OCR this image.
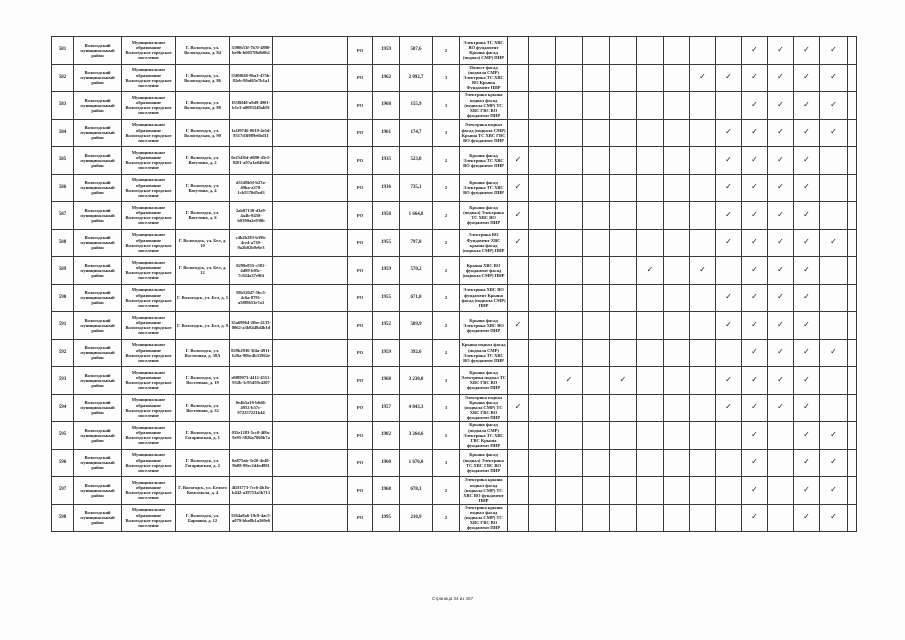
581	Вологодский муниципальный район	Муниципальное образование Вологодское городское поселение	Г. Вологодск, ул. Вологодская, д. 84	3390b53f-7b7f-4890-be9b-b6057f6db0b1		РО	1959	587,6	2	Электрика ТС ХВС ВО фундамент Крыша фасад (подвал) СМР) ПИР										✓	✓	✓	✓	
582	Вологодский муниципальный район	Муниципальное образование Вологодское городское поселение	Г. Вологодск, ул. Вологодская, д. 86	53f0f048-9ba3-475b-82eb-80af65e7b1a1		РО	1962	2 092,7	3	Помост фасад (подвала СМР) Электрика ТС ХВС ВО Крыша Фундамент ПИР								✓	✓	✓	✓	✓	✓	
583	Вологодский муниципальный район	Муниципальное образование Вологодское городское поселение	Г. Вологодск, ул. Вологодская, д. 88	f558ff40-a9d9-4901-b1e3-a0093249ab91		РО	1968	155,9	3	Электрика крыша подвал фасад (подвала СМР) ТС ХВС ГВС ВО фундамент ПИР										✓	✓	✓	✓	
584	Вологодский муниципальный район	Муниципальное образование Вологодское городское поселение	Г. Вологодск, ул. Вологодская, д. 90	1a1f9746-0019-4e5d-8317d3f089e6bd11		РО	1961	174,7	3	Электрика подвал фасад (подвала СМР) Крыша ТС ХВС ГВС ВО фундамент ПИР									✓	✓	✓	✓	✓	
585	Вологодский муниципальный район	Муниципальное образование Вологодское городское поселение	Г. Вологодск, ул. Ватутина, д. 2	0e2543bf-d690-45c5-8201-a97a1a04fe6d		РО	1935	523,8	2	Крыша фасад Электрика ТС ХВС ВО фундамент ПИР	✓								✓	✓	✓	✓		
586	Вологодский муниципальный район	Муниципальное образование Вологодское городское поселение	Г. Вологодск, ул. Ватутина, д. 4	d31d8b5f-b27a-49ba-a370-1cb5570d5ed3		РО	1936	735,1	2	Крыша фасад Электрика ТС ХВС ВО фундамент ПИР	✓								✓	✓	✓	✓		
587	Вологодский муниципальный район	Муниципальное образование Вологодское городское поселение	Г. Вологодск, ул. Ватутина, д. 6	2ab07130-d3e9-4a4b-8450-b0390a2e930b		РО	1958	1 664,8	2	Крыша фасад (подвал) Электрика ТС ХВС ВО фундамент ПИР	✓								✓	✓	✓	✓		
588	Вологодский муниципальный район	Муниципальное образование Вологодское городское поселение	Г. Вологодск, ул. Бел, д. 10	c4b2b283-b39b-4ce4-a739-9a2b02b9e6e3		РО	1955	797,8	2	Электрика ВО Фундамент ХВС крыша фасад (подвала СМР) ПИР	✓								✓	✓	✓	✓	✓	
589	Вологодский муниципальный район	Муниципальное образование Вологодское городское поселение	Г. Вологодск, ул. Бел, д. 12	0299e835-c581-4d89-b95c-7c924a37e9f4		РО	1959	570,2	2	Крыша ХВС ВО фундамент фасад (подвала СМР) ПИР						✓		✓		✓	✓	✓		
590	Вологодский муниципальный район	Муниципальное образование Вологодское городское поселение	Г. Вологодск, ул. Бел, д. 5	59b52047-5bc3-4c6a-8791-a5f98653e7a3		РО	1955	671,8	2	Электрика ХВС ВО фундамент Крыша фасад (подвала СМР) ПИР									✓	✓	✓	✓		
591	Вологодский муниципальный район	Муниципальное образование Вологодское городское поселение	Г. Вологодск, ул. Бел, д. 9	35a69964-2fbe-4135-8062-a3b8448d4b1d		РО	1952	589,9	2	Крыша фасад Электрика ХВС ВО фундамент ПИР	✓								✓	✓	✓	✓		
592	Вологодский муниципальный район	Муниципальное образование Вологодское городское поселение	Г. Вологодск, ул. Восточная, д. 38А	829b2936-3f4a-4911-b26a-90bc4b31962e		РО	1959	392,6	2	Крыша подвал фасад (подвала СМР) Электрика ТС ХВС ВО фундамент ПИР										✓	✓	✓	✓	
593	Вологодский муниципальный район	Муниципальное образование Вологодское городское поселение	Г. Вологодск, ул. Восточная, д. 19	e0f89973-4412-4551-932b-1c95d59c4207		РО	1968	3 230,8	3	Крыша фасад Электрика подвал ТС ХВС ГВС ВО фундамент ПИР			✓		✓				✓	✓	✓	✓		
594	Вологодский муниципальный район	Муниципальное образование Вологодское городское поселение	Г. Вологодск, ул. Восточная, д. 32	0e4b5a19-b6d6-4952-b37c-072257221b44		РО	1957	4 843,3	3	Электрика подвал Крыша фасад (подвала СМР) ТС ХВС ГВС ВО фундамент ПИР	✓								✓	✓	✓	✓		
595	Вологодский муниципальный район	Муниципальное образование Вологодское городское поселение	Г. Вологодск, ул. Гагаринская, д. 1	035e1283-5cc0-4f8a-9e95-5026a7066b7a		РО	1982	3 264,6	5	Крыша фасад (подвала СМР) Электрика ТС ХВС ГВС Крыша фундамент ПИР										✓		✓	✓	
596	Вологодский муниципальный район	Муниципальное образование Вологодское городское поселение	Г. Вологодск, ул. Гагаринская, д. 2	0a875ab-3e20-4e48-9b88-99ec2d4ed801		РО	1960	1 670,0	3	Крыша фасад (подвал) Электрика ТС ХВС ГВС ВО фундамент ПИР										✓		✓	✓	
597	Вологодский муниципальный район	Муниципальное образование Вологодское городское поселение	Г. Вологодск, ул. Белого Комсомола, д. 4	4f2f3773-7cc6-4b1b-b442-a39753a5b713		РО	1968	678,1	2	Электрика крыша подвал фасад (подвала СМР) ТС ХВС ВО фундамент ПИР										✓		✓	✓	
598	Вологодский муниципальный район	Муниципальное образование Вологодское городское поселение	Г. Вологодск, ул. Бармина, д. 12	5564a8a6-19c9-4ac5-a079-bba8b1a260e6		РО	1995	210,9	2	Электрика крыша подвал фасад (подвала СМР) ТС ХВС ГВС ВО фундамент ПИР										✓		✓	✓	
Страница 34 из 467
